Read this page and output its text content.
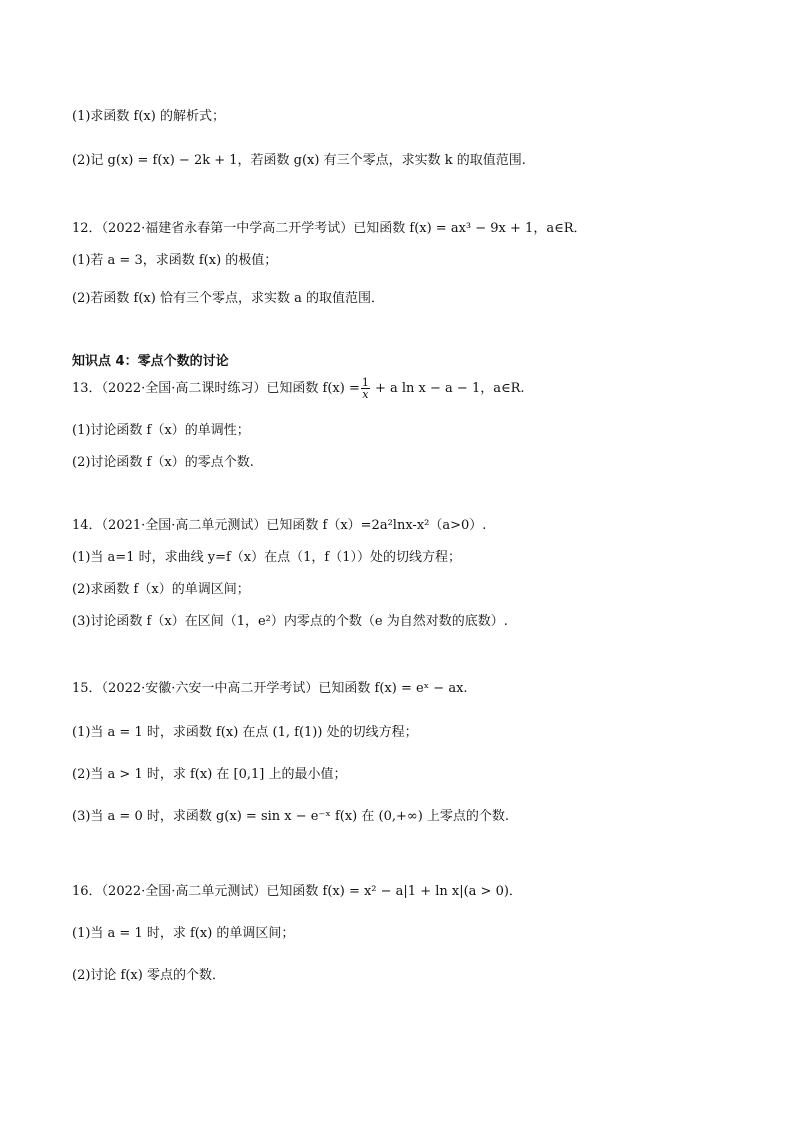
(1)求函数 f(x) 的解析式；
(2)记 g(x) = f(x) − 2k + 1，若函数 g(x) 有三个零点，求实数 k 的取值范围.
12．（2022·福建省永春第一中学高二开学考试）已知函数 f(x) = ax³ − 9x + 1，a∈R．
(1)若 a = 3，求函数 f(x) 的极值；
(2)若函数 f(x) 恰有三个零点，求实数 a 的取值范围．
知识点 4：零点个数的讨论
13．（2022·全国·高二课时练习）已知函数 $f(x) = \frac{1}{x} + a$ ln x − a − 1，a∈R.
(1)讨论函数 f（x）的单调性；
(2)讨论函数 f（x）的零点个数.
14．（2021·全国·高二单元测试）已知函数 f（x）=2a²lnx-x²（a>0）.
(1)当 a=1 时，求曲线 y=f（x）在点（1，f（1））处的切线方程；
(2)求函数 f（x）的单调区间；
(3)讨论函数 f（x）在区间（1，e²）内零点的个数（e 为自然对数的底数）.
15．（2022·安徽·六安一中高二开学考试）已知函数 f(x) = eˣ − ax.
(1)当 a = 1 时，求函数 f(x) 在点 (1, f(1)) 处的切线方程；
(2)当 a > 1 时，求 f(x) 在 [0,1] 上的最小值；
(3)当 a = 0 时，求函数 g(x) = sin x − e⁻ˣ f(x) 在 (0,+∞) 上零点的个数.
16．（2022·全国·高二单元测试）已知函数 f(x) = x² − a|1 + ln x|(a > 0)．
(1)当 a = 1 时，求 f(x) 的单调区间；
(2)讨论 f(x) 零点的个数．
